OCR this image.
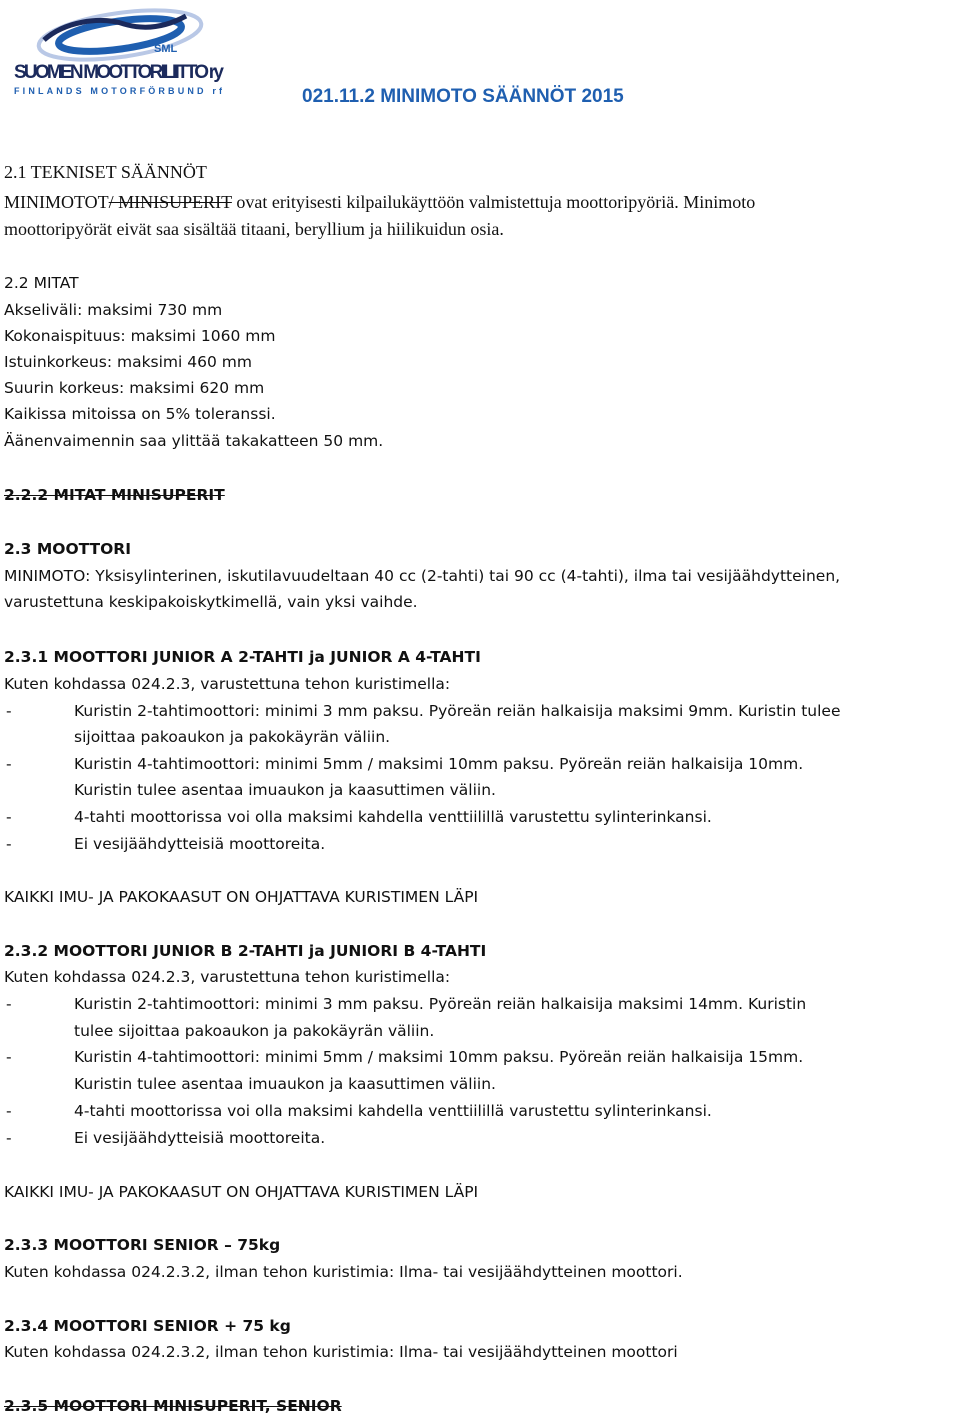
SML
SUOMEN MOOTTORILIITTO ry
FINLANDS MOTORFÖRBUND rf	021.11.2 MINIMOTO SÄÄNNÖT 2015

2.1 TEKNISET SÄÄNNÖT

MINIMOTOT/ MINISUPERIT ovat erityisesti kilpailukäyttöön valmistettuja moottoripyöriä. Minimoto

moottoripyörät eivät saa sisältää titaani, beryllium ja hiilikuidun osia.

2.2 MITAT

Akseliväli: maksimi 730 mm

Kokonaispituus: maksimi 1060 mm

Istuinkorkeus: maksimi 460 mm

Suurin korkeus: maksimi 620 mm

Kaikissa mitoissa on 5% toleranssi.

Äänenvaimennin saa ylittää takakatteen 50 mm.

2.2.2 MITAT MINISUPERIT

2.3 MOOTTORI

MINIMOTO: Yksisylinterinen, iskutilavuudeltaan 40 cc (2-tahti) tai 90 cc (4-tahti), ilma tai vesijäähdytteinen,

varustettuna keskipakoiskytkimellä, vain yksi vaihde.

2.3.1 MOOTTORI JUNIOR A 2-TAHTI ja JUNIOR A 4-TAHTI

Kuten kohdassa 024.2.3, varustettuna tehon kuristimella:

-	Kuristin 2-tahtimoottori: minimi 3 mm paksu. Pyöreän reiän halkaisija maksimi 9mm. Kuristin tulee
sijoittaa pakoaukon ja pakokäyrän väliin.
-	Kuristin 4-tahtimoottori: minimi 5mm / maksimi 10mm paksu. Pyöreän reiän halkaisija 10mm.
Kuristin tulee asentaa imuaukon ja kaasuttimen väliin.
-	4-tahti moottorissa voi olla maksimi kahdella venttiilillä varustettu sylinterinkansi.
-	Ei vesijäähdytteisiä moottoreita.

KAIKKI IMU- JA PAKOKAASUT ON OHJATTAVA KURISTIMEN LÄPI

2.3.2 MOOTTORI JUNIOR B 2-TAHTI ja JUNIORI B 4-TAHTI

Kuten kohdassa 024.2.3, varustettuna tehon kuristimella:

-	Kuristin 2-tahtimoottori: minimi 3 mm paksu. Pyöreän reiän halkaisija maksimi 14mm. Kuristin
tulee sijoittaa pakoaukon ja pakokäyrän väliin.
-	Kuristin 4-tahtimoottori: minimi 5mm / maksimi 10mm paksu. Pyöreän reiän halkaisija 15mm.
Kuristin tulee asentaa imuaukon ja kaasuttimen väliin.
-	4-tahti moottorissa voi olla maksimi kahdella venttiilillä varustettu sylinterinkansi.
-	Ei vesijäähdytteisiä moottoreita.

KAIKKI IMU- JA PAKOKAASUT ON OHJATTAVA KURISTIMEN LÄPI

2.3.3 MOOTTORI SENIOR – 75kg

Kuten kohdassa 024.2.3.2, ilman tehon kuristimia: Ilma- tai vesijäähdytteinen moottori.

2.3.4 MOOTTORI SENIOR + 75 kg

Kuten kohdassa 024.2.3.2, ilman tehon kuristimia: Ilma- tai vesijäähdytteinen moottori

2.3.5 MOOTTORI MINISUPERIT, SENIOR
